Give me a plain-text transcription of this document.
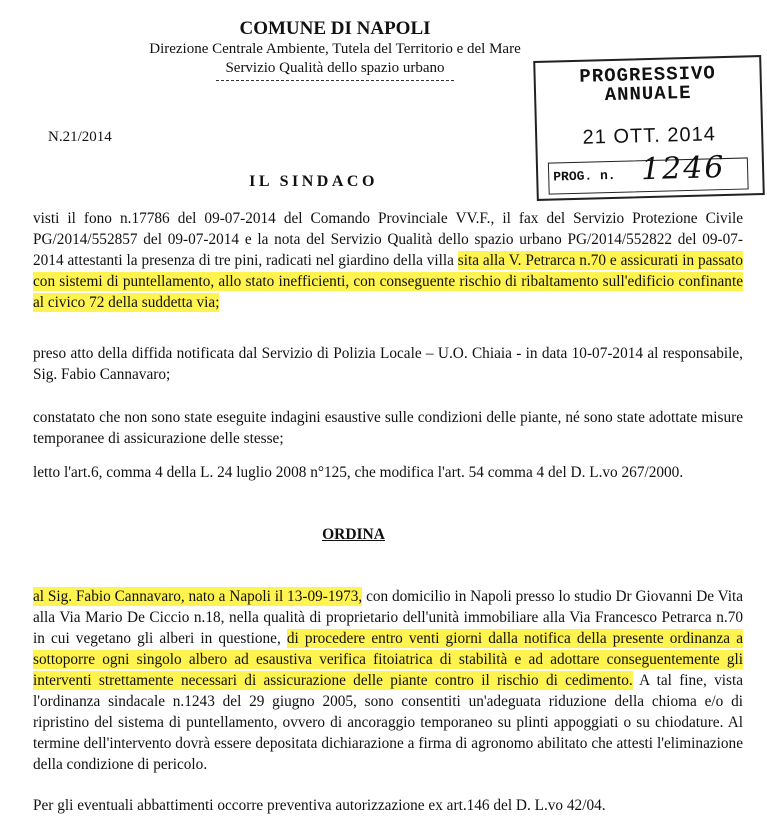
COMUNE DI NAPOLI
Direzione Centrale Ambiente, Tutela del Territorio e del Mare
Servizio Qualità dello spazio urbano	PROGRESSIVO
ANNUALE
21 OTT. 2014
PROG. n. 1246
N.21/2014
IL SINDACO
visti il fono n.17786 del 09-07-2014 del Comando Provinciale VV.F., il fax del Servizio Protezione Civile PG/2014/552857 del 09-07-2014 e la nota del Servizio Qualità dello spazio urbano PG/2014/552822 del 09-07-2014 attestanti la presenza di tre pini, radicati nel giardino della villa sita alla V. Petrarca n.70 e assicurati in passato con sistemi di puntellamento, allo stato inefficienti, con conseguente rischio di ribaltamento sull'edificio confinante al civico 72 della suddetta via;
preso atto della diffida notificata dal Servizio di Polizia Locale – U.O. Chiaia - in data 10-07-2014 al responsabile, Sig. Fabio Cannavaro;
constatato che non sono state eseguite indagini esaustive sulle condizioni delle piante, né sono state adottate misure temporanee di assicurazione delle stesse;
letto l'art.6, comma 4 della L. 24 luglio 2008 n°125, che modifica l'art. 54 comma 4 del D. L.vo 267/2000.
ORDINA
al Sig. Fabio Cannavaro, nato a Napoli il 13-09-1973, con domicilio in Napoli presso lo studio Dr Giovanni De Vita alla Via Mario De Ciccio n.18, nella qualità di proprietario dell'unità immobiliare alla Via Francesco Petrarca n.70 in cui vegetano gli alberi in questione, di procedere entro venti giorni dalla notifica della presente ordinanza a sottoporre ogni singolo albero ad esaustiva verifica fitoiatrica di stabilità e ad adottare conseguentemente gli interventi strettamente necessari di assicurazione delle piante contro il rischio di cedimento. A tal fine, vista l'ordinanza sindacale n.1243 del 29 giugno 2005, sono consentiti un'adeguata riduzione della chioma e/o di ripristino del sistema di puntellamento, ovvero di ancoraggio temporaneo su plinti appoggiati o su chiodature. Al termine dell'intervento dovrà essere depositata dichiarazione a firma di agronomo abilitato che attesti l'eliminazione della condizione di pericolo.
Per gli eventuali abbattimenti occorre preventiva autorizzazione ex art.146 del D. L.vo 42/04.
